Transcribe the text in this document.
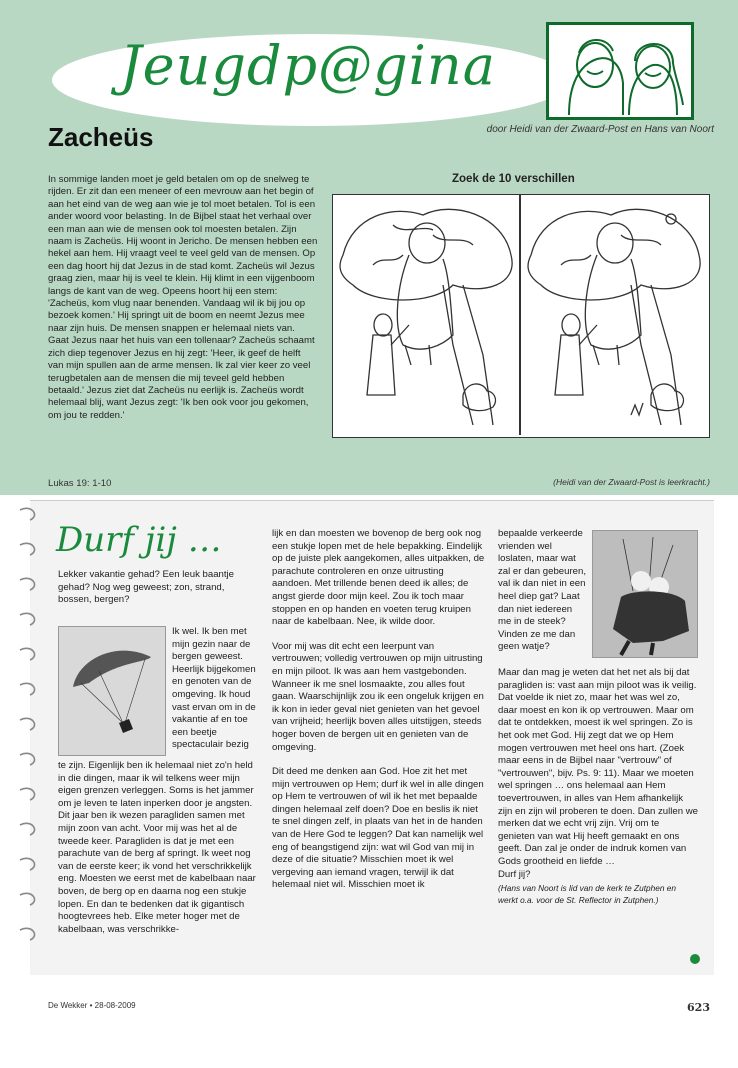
Jeugdp@gina
door Heidi van der Zwaard-Post en Hans van Noort
Zacheüs
In sommige landen moet je geld betalen om op de snelweg te rijden. Er zit dan een meneer of een mevrouw aan het begin of aan het eind van de weg aan wie je tol moet betalen. Tol is een ander woord voor belasting. In de Bijbel staat het verhaal over een man aan wie de mensen ook tol moesten betalen. Zijn naam is Zacheüs. Hij woont in Jericho. De mensen hebben een hekel aan hem. Hij vraagt veel te veel geld van de mensen. Op een dag hoort hij dat Jezus in de stad komt. Zacheüs wil Jezus graag zien, maar hij is veel te klein. Hij klimt in een vijgenboom langs de kant van de weg. Opeens hoort hij een stem: 'Zacheüs, kom vlug naar benenden. Vandaag wil ik bij jou op bezoek komen.' Hij springt uit de boom en neemt Jezus mee naar zijn huis. De mensen snappen er helemaal niets van. Gaat Jezus naar het huis van een tollenaar? Zacheüs schaamt zich diep tegenover Jezus en hij zegt: 'Heer, ik geef de helft van mijn spullen aan de arme mensen. Ik zal vier keer zo veel terugbetalen aan de mensen die mij teveel geld hebben betaald.' Jezus ziet dat Zacheüs nu eerlijk is. Zacheüs wordt helemaal blij, want Jezus zegt: 'Ik ben ook voor jou gekomen, om jou te redden.'
Lukas 19: 1-10	(Heidi van der Zwaard-Post is leerkracht.)
Zoek de 10 verschillen
Durf jij …
Lekker vakantie gehad? Een leuk baantje gehad? Nog weg geweest; zon, strand, bossen, bergen?
Ik wel. Ik ben met mijn gezin naar de bergen geweest. Heerlijk bijgekomen en genoten van de omgeving. Ik houd vast ervan om in de vakantie af en toe een beetje spectaculair bezig
te zijn. Eigenlijk ben ik helemaal niet zo'n held in die dingen, maar ik wil telkens weer mijn eigen grenzen verleggen. Soms is het jammer om je leven te laten inperken door je angsten. Dit jaar ben ik wezen paragliden samen met mijn zoon van acht. Voor mij was het al de tweede keer. Paragliden is dat je met een parachute van de berg af springt. Ik weet nog van de eerste keer; ik vond het verschrikkelijk eng. Moesten we eerst met de kabelbaan naar boven, de berg op en daarna nog een stukje lopen. En dan te bedenken dat ik gigantisch hoogtevrees heb. Elke meter hoger met de kabelbaan, was verschrikke-

lijk en dan moesten we bovenop de berg ook nog een stukje lopen met de hele bepakking. Eindelijk op de juiste plek aangekomen, alles uitpakken, de parachute controleren en onze uitrusting aandoen. Met trillende benen deed ik alles; de angst gierde door mijn keel. Zou ik toch maar stoppen en op handen en voeten terug kruipen naar de kabelbaan. Nee, ik wilde door.

Voor mij was dit echt een leerpunt van vertrouwen; volledig vertrouwen op mijn uitrusting en mijn piloot. Ik was aan hem vastgebonden. Wanneer ik me snel losmaakte, zou alles fout gaan. Waarschijnlijk zou ik een ongeluk krijgen en ik kon in ieder geval niet genieten van het gevoel van vrijheid; heerlijk boven alles uitstijgen, steeds hoger boven de bergen uit en genieten van de omgeving.

Dit deed me denken aan God. Hoe zit het met mijn vertrouwen op Hem; durf ik wel in alle dingen op Hem te vertrouwen of wil ik het met bepaalde dingen helemaal zelf doen? Doe en beslis ik niet te snel dingen zelf, in plaats van het in de handen van de Here God te leggen? Dat kan namelijk wel eng of beangstigend zijn: wat wil God van mij in deze of die situatie? Misschien moet ik wel vergeving aan iemand vragen, terwijl ik dat helemaal niet wil. Misschien moet ik

bepaalde verkeerde vrienden wel loslaten, maar wat zal er dan gebeuren, val ik dan niet in een heel diep gat? Laat dan niet iedereen me in de steek? Vinden ze me dan geen watje?

Maar dan mag je weten dat het net als bij dat paragliden is: vast aan mijn piloot was ik veilig. Dat voelde ik niet zo, maar het was wel zo, daar moest en kon ik op vertrouwen. Maar om dat te ontdekken, moest ik wel springen. Zo is het ook met God. Hij zegt dat we op Hem mogen vertrouwen met heel ons hart. (Zoek maar eens in de Bijbel naar "vertrouw" of "vertrouwen", bijv. Ps. 9: 11). Maar we moeten wel springen … ons helemaal aan Hem toevertrouwen, in alles van Hem afhankelijk zijn en zijn wil proberen te doen. Dan zullen we merken dat we echt vrij zijn. Vrij om te genieten van wat Hij heeft gemaakt en ons geeft. Dan zal je onder de indruk komen van Gods grootheid en liefde …

Durf jij?

(Hans van Noort is lid van de kerk te Zutphen en werkt o.a. voor de St. Reflector in Zutphen.)

De Wekker • 28-08-2009	623
